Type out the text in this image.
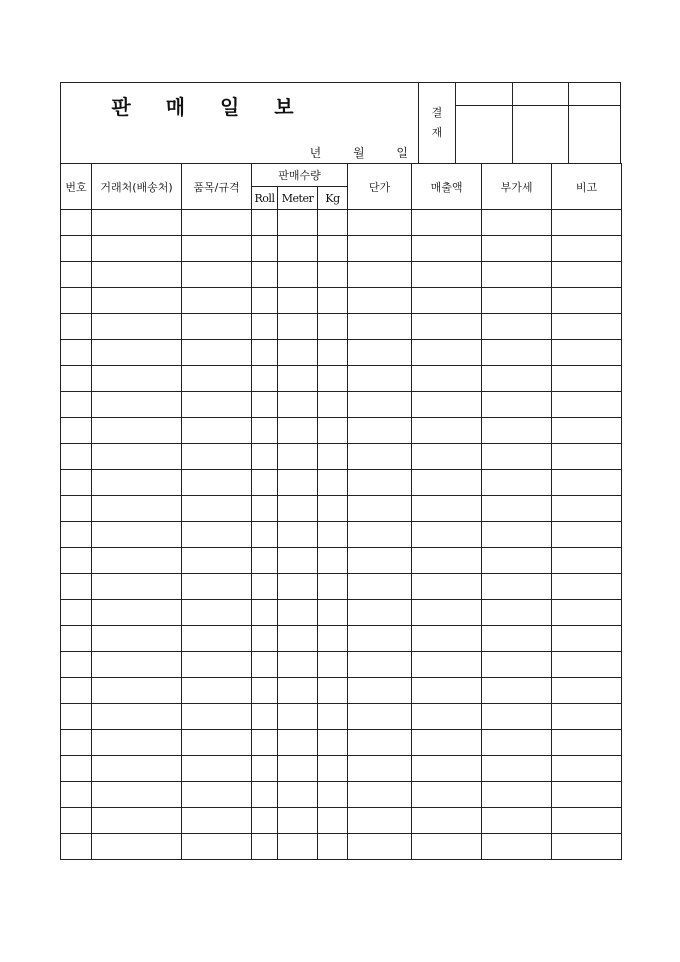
판 매 일 보
년	월	일
결
재
번호	거래처(배송처)	품목/규격	판매수량			단가	매출액	부가세	비고
			Roll	Meter	Kg				
